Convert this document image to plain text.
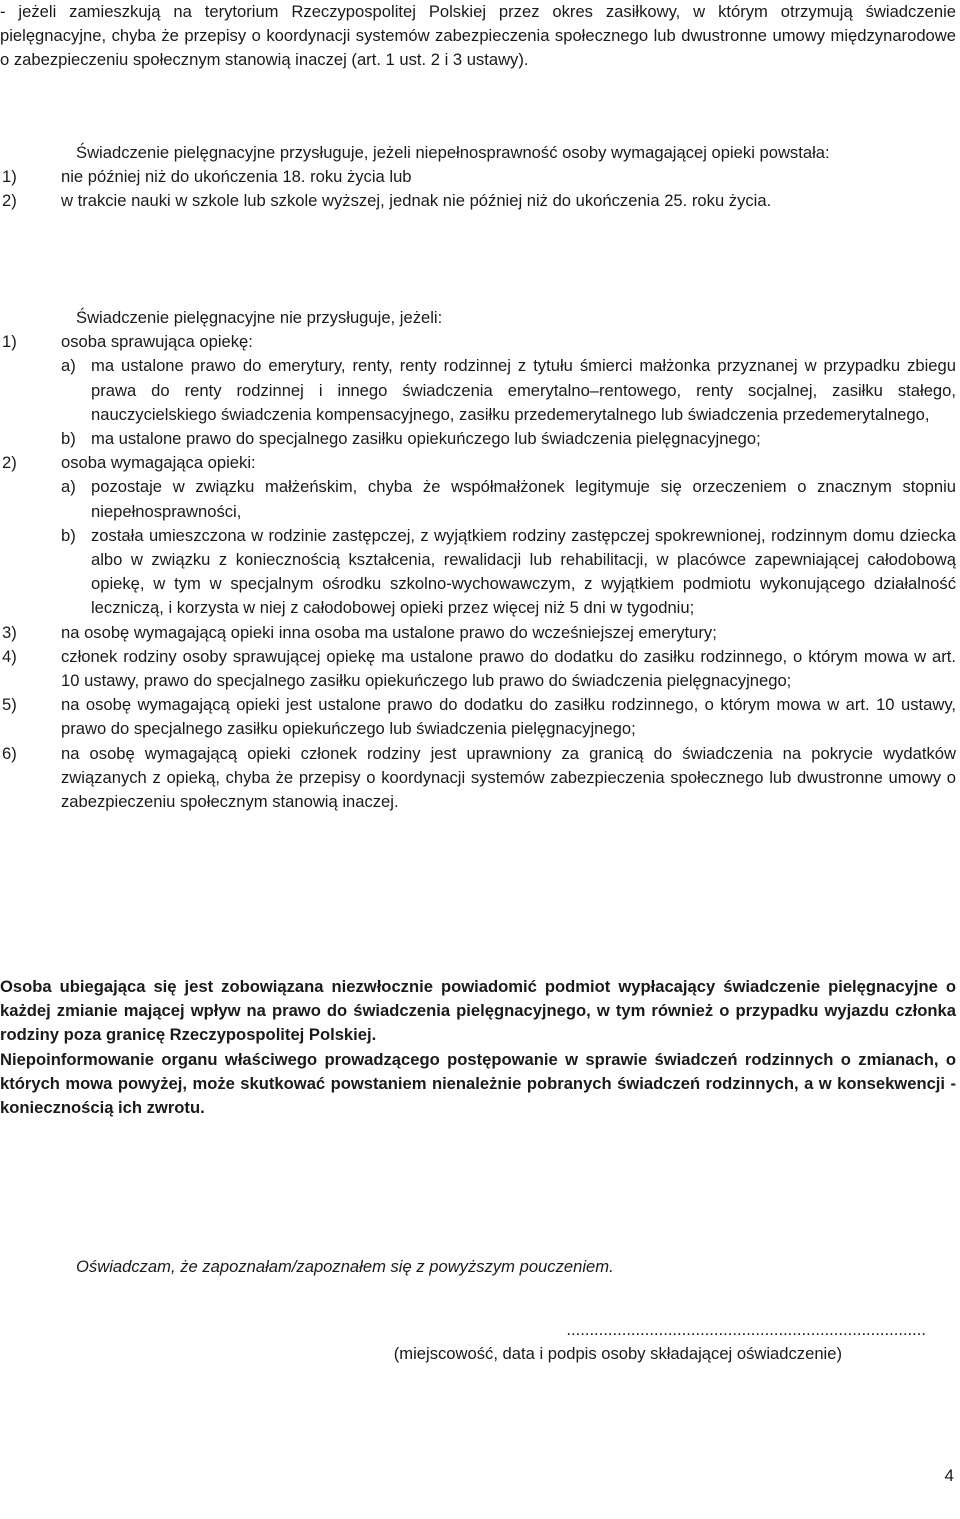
- jeżeli zamieszkują na terytorium Rzeczypospolitej Polskiej przez okres zasiłkowy, w którym otrzymują świadczenie pielęgnacyjne, chyba że przepisy o koordynacji systemów zabezpieczenia społecznego lub dwustronne umowy międzynarodowe o zabezpieczeniu społecznym stanowią inaczej (art. 1 ust. 2 i 3 ustawy).

Świadczenie pielęgnacyjne przysługuje, jeżeli niepełnosprawność osoby wymagającej opieki powstała:

1)	nie później niż do ukończenia 18. roku życia lub
2)	w trakcie nauki w szkole lub szkole wyższej, jednak nie później niż do ukończenia 25. roku życia.

Świadczenie pielęgnacyjne nie przysługuje, jeżeli:

1)	osoba sprawująca opiekę:
a) ma ustalone prawo do emerytury, renty, renty rodzinnej z tytułu śmierci małżonka przyznanej w przypadku zbiegu prawa do renty rodzinnej i innego świadczenia emerytalno–rentowego, renty socjalnej, zasiłku stałego, nauczycielskiego świadczenia kompensacyjnego, zasiłku przedemerytalnego lub świadczenia przedemerytalnego,
b) ma ustalone prawo do specjalnego zasiłku opiekuńczego lub świadczenia pielęgnacyjnego;
2)	osoba wymagająca opieki:
a) pozostaje w związku małżeńskim, chyba że współmałżonek legitymuje się orzeczeniem o znacznym stopniu niepełnosprawności,
b) została umieszczona w rodzinie zastępczej, z wyjątkiem rodziny zastępczej spokrewnionej, rodzinnym domu dziecka albo w związku z koniecznością kształcenia, rewalidacji lub rehabilitacji, w placówce zapewniającej całodobową opiekę, w tym w specjalnym ośrodku szkolno-wychowawczym, z wyjątkiem podmiotu wykonującego działalność leczniczą, i korzysta w niej z całodobowej opieki przez więcej niż 5 dni w tygodniu;
3)	na osobę wymagającą opieki inna osoba ma ustalone prawo do wcześniejszej emerytury;
4)	członek rodziny osoby sprawującej opiekę ma ustalone prawo do dodatku do zasiłku rodzinnego, o którym mowa w art. 10 ustawy, prawo do specjalnego zasiłku opiekuńczego lub prawo do świadczenia pielęgnacyjnego;
5)	na osobę wymagającą opieki jest ustalone prawo do dodatku do zasiłku rodzinnego, o którym mowa w art. 10 ustawy, prawo do specjalnego zasiłku opiekuńczego lub świadczenia pielęgnacyjnego;
6)	na osobę wymagającą opieki członek rodziny jest uprawniony za granicą do świadczenia na pokrycie wydatków związanych z opieką, chyba że przepisy o koordynacji systemów zabezpieczenia społecznego lub dwustronne umowy o zabezpieczeniu społecznym stanowią inaczej.

Osoba ubiegająca się jest zobowiązana niezwłocznie powiadomić podmiot wypłacający świadczenie pielęgnacyjne o każdej zmianie mającej wpływ na prawo do świadczenia pielęgnacyjnego, w tym również o przypadku wyjazdu członka rodziny poza granicę Rzeczypospolitej Polskiej.

Niepoinformowanie organu właściwego prowadzącego postępowanie w sprawie świadczeń rodzinnych o zmianach, o których mowa powyżej, może skutkować powstaniem nienależnie pobranych świadczeń rodzinnych, a w konsekwencji - koniecznością ich zwrotu.

Oświadczam, że zapoznałam/zapoznałem się z powyższym pouczeniem.
..............................................................................
(miejscowość, data i podpis osoby składającej oświadczenie)
4
